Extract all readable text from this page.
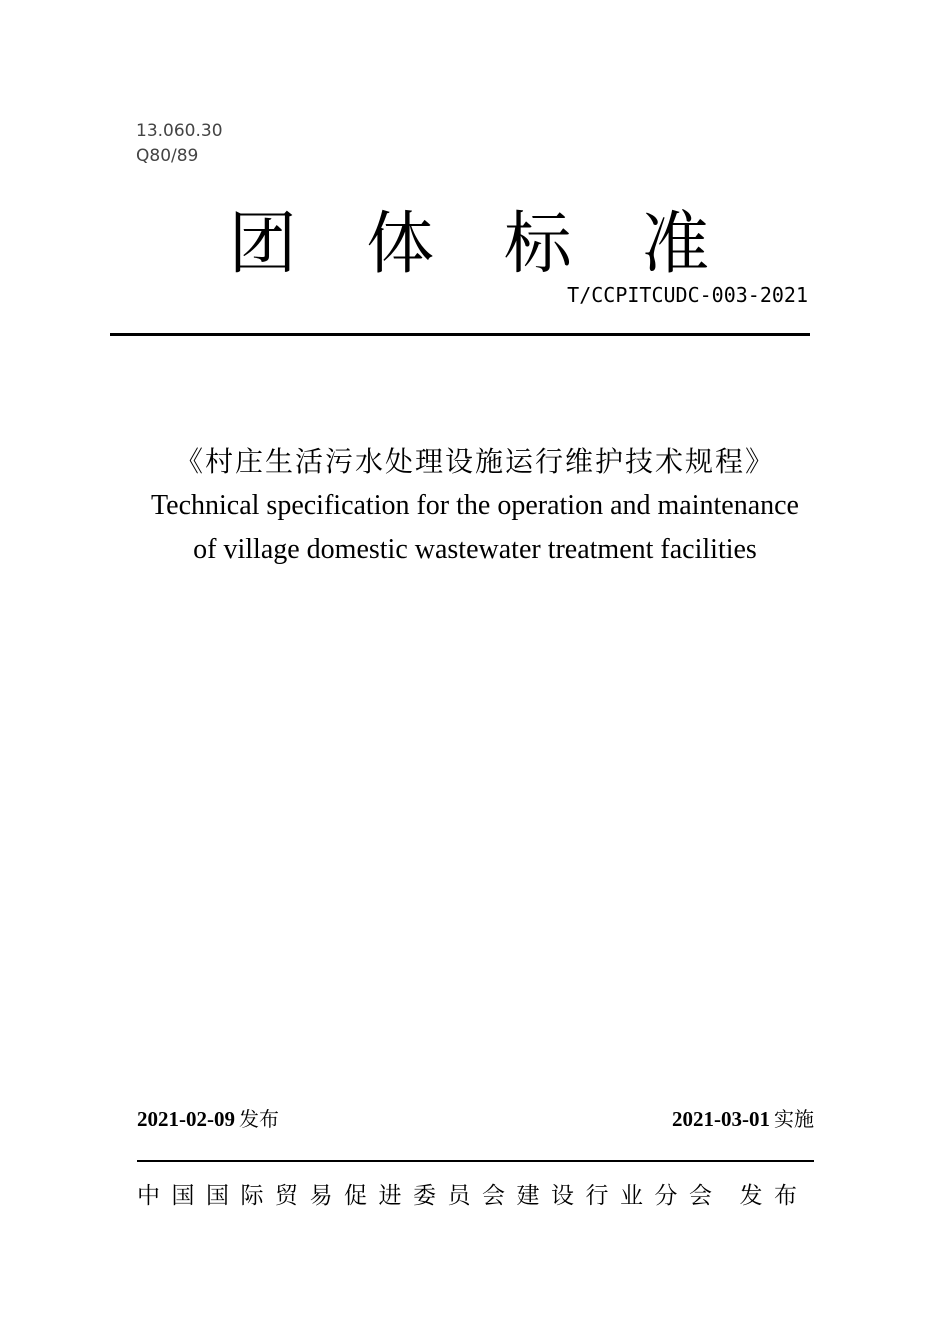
13.060.30
Q80/89
团 体 标 准
T/CCPITCUDC-003-2021
《村庄生活污水处理设施运行维护技术规程》
Technical specification for the operation and maintenance
of village domestic wastewater treatment facilities
2021-02-09 发布	2021-03-01 实施
中国国际贸易促进委员会建设行业分会 发布
